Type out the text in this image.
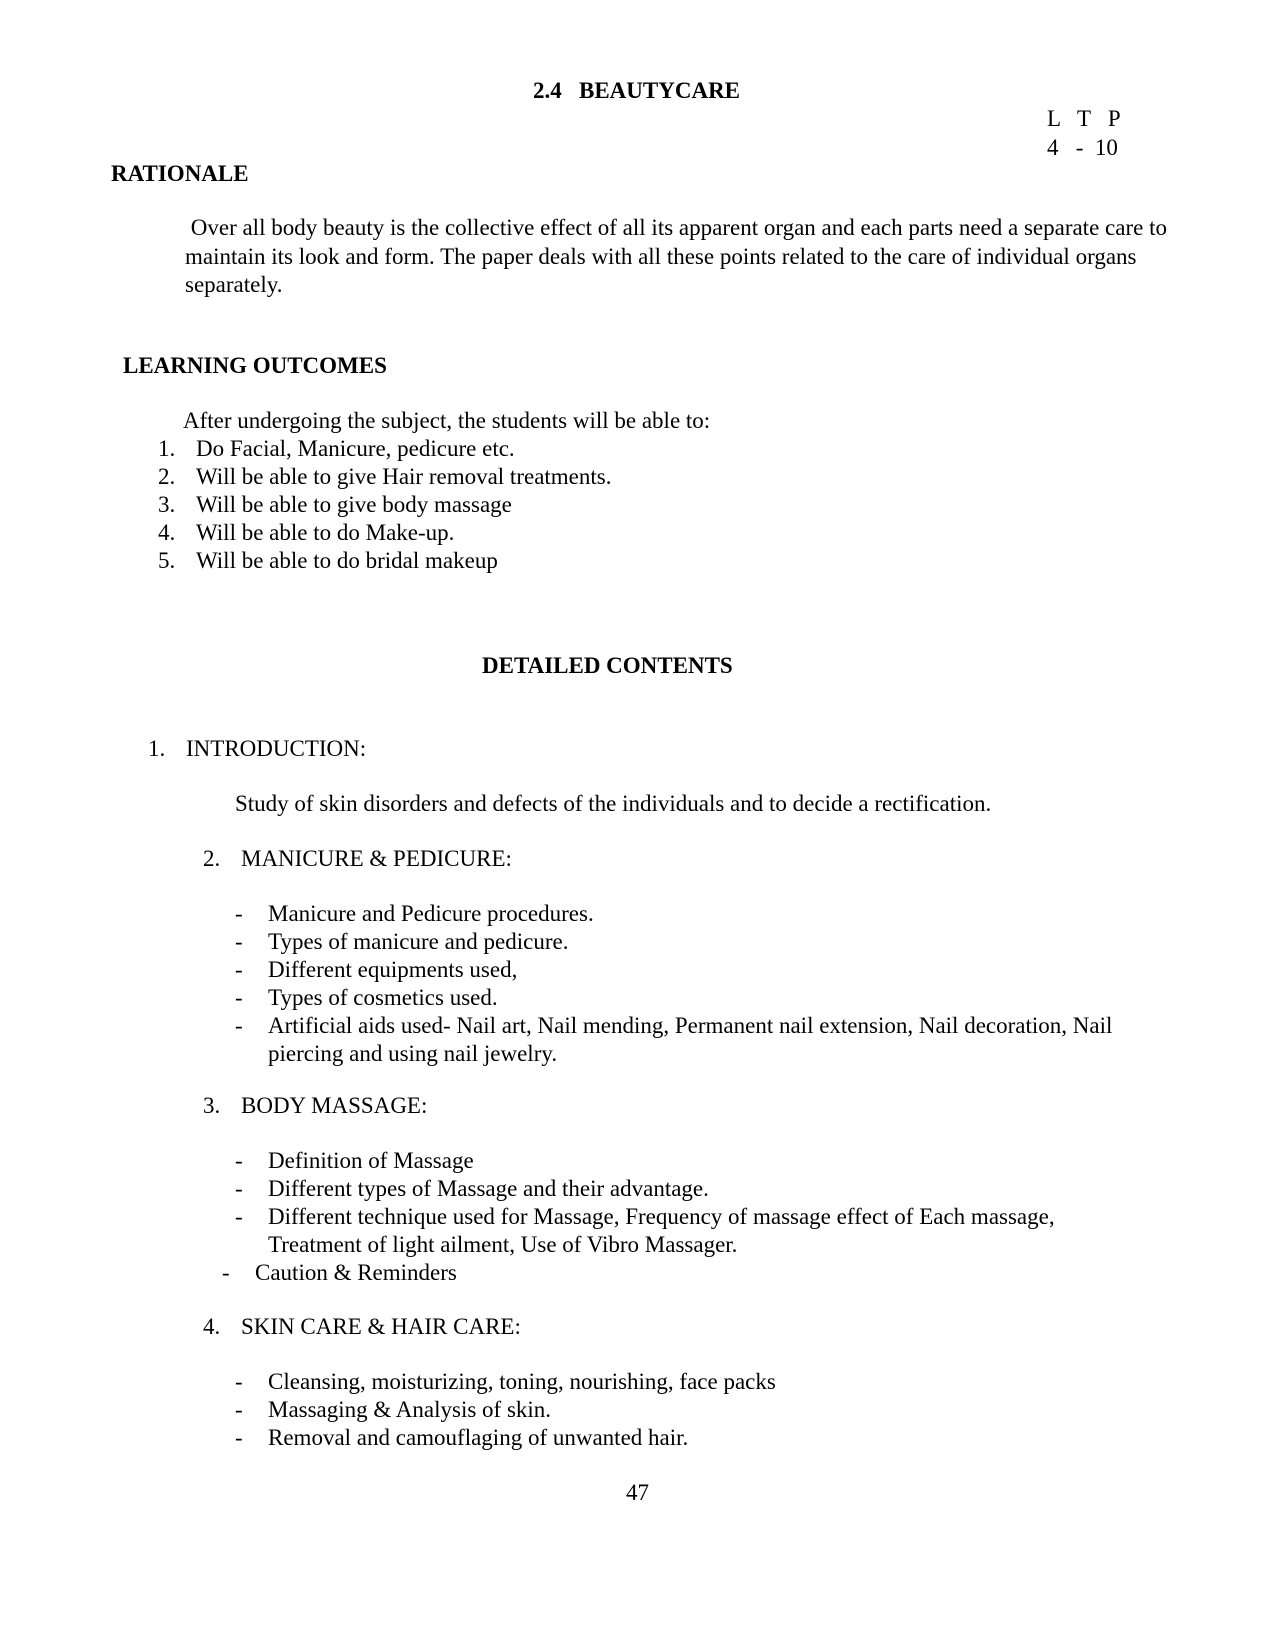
2.4   BEAUTYCARE
L   T   P
4   -  10
RATIONALE
Over all body beauty is the collective effect of all its apparent organ and each parts need a separate care to maintain its look and form. The paper deals with all these points related to the care of individual organs separately.
LEARNING OUTCOMES
After undergoing the subject, the students will be able to:
1. Do Facial, Manicure, pedicure etc.
2. Will be able to give Hair removal treatments.
3. Will be able to give body massage
4. Will be able to do Make-up.
5. Will be able to do bridal makeup
DETAILED CONTENTS
1. INTRODUCTION:
Study of skin disorders and defects of the individuals and to decide a rectification.
2. MANICURE & PEDICURE:
- Manicure and Pedicure procedures.
- Types of manicure and pedicure.
- Different equipments used,
- Types of cosmetics used.
-	Artificial aids used- Nail art, Nail mending, Permanent nail extension, Nail decoration, Nail piercing and using nail jewelry.
3. BODY MASSAGE:
- Definition of Massage
- Different types of Massage and their advantage.
-	Different technique used for Massage, Frequency of massage effect of Each massage, Treatment of light ailment, Use of Vibro Massager.
- Caution & Reminders
4. SKIN CARE & HAIR CARE:
- Cleansing, moisturizing, toning, nourishing, face packs
- Massaging & Analysis of skin.
- Removal and camouflaging of unwanted hair.
47
